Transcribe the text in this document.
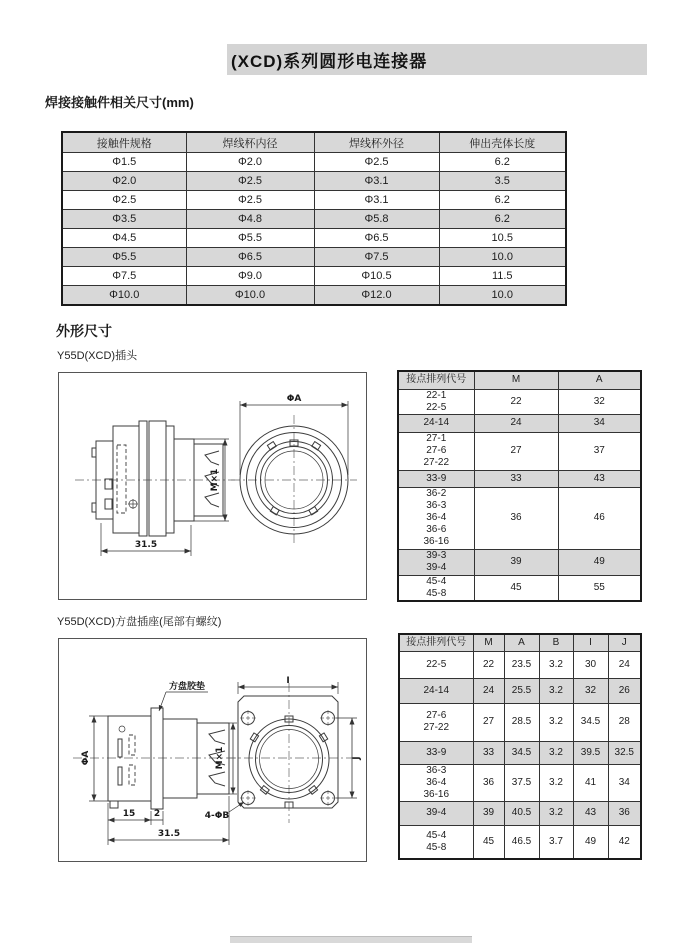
(XCD)系列圆形电连接器
焊接接触件相关尺寸(mm)
接触件规格	焊线杯内径	焊线杯外径	伸出壳体长度
Φ1.5	Φ2.0	Φ2.5	6.2
Φ2.0	Φ2.5	Φ3.1	3.5
Φ2.5	Φ2.5	Φ3.1	6.2
Φ3.5	Φ4.8	Φ5.8	6.2
Φ4.5	Φ5.5	Φ6.5	10.5
Φ5.5	Φ6.5	Φ7.5	10.0
Φ7.5	Φ9.0	Φ10.5	11.5
Φ10.0	Φ10.0	Φ12.0	10.0
外形尺寸
Y55D(XCD)插头
M×1
31.5
ΦA
接点排列代号	M	A

22-1
22-5	22	32

24-14	24	34

27-1
27-6
27-22	27	37

33-9	33	43

36-2
36-3
36-4
36-6
36-16	36	46

39-3
39-4	39	49

45-4
45-8	45	55
Y55D(XCD)方盘插座(尾部有螺纹)
ΦA
方盘胶垫
M×1
15 2
31.5
I
J
4-ΦB
接点排列代号	M	A	B	I	J

22-5	22	23.5	3.2	30	24

24-14	24	25.5	3.2	32	26

27-6
27-22	27	28.5	3.2	34.5	28

33-9	33	34.5	3.2	39.5	32.5

36-3
36-4
36-16	36	37.5	3.2	41	34

39-4	39	40.5	3.2	43	36

45-4
45-8	45	46.5	3.7	49	42
